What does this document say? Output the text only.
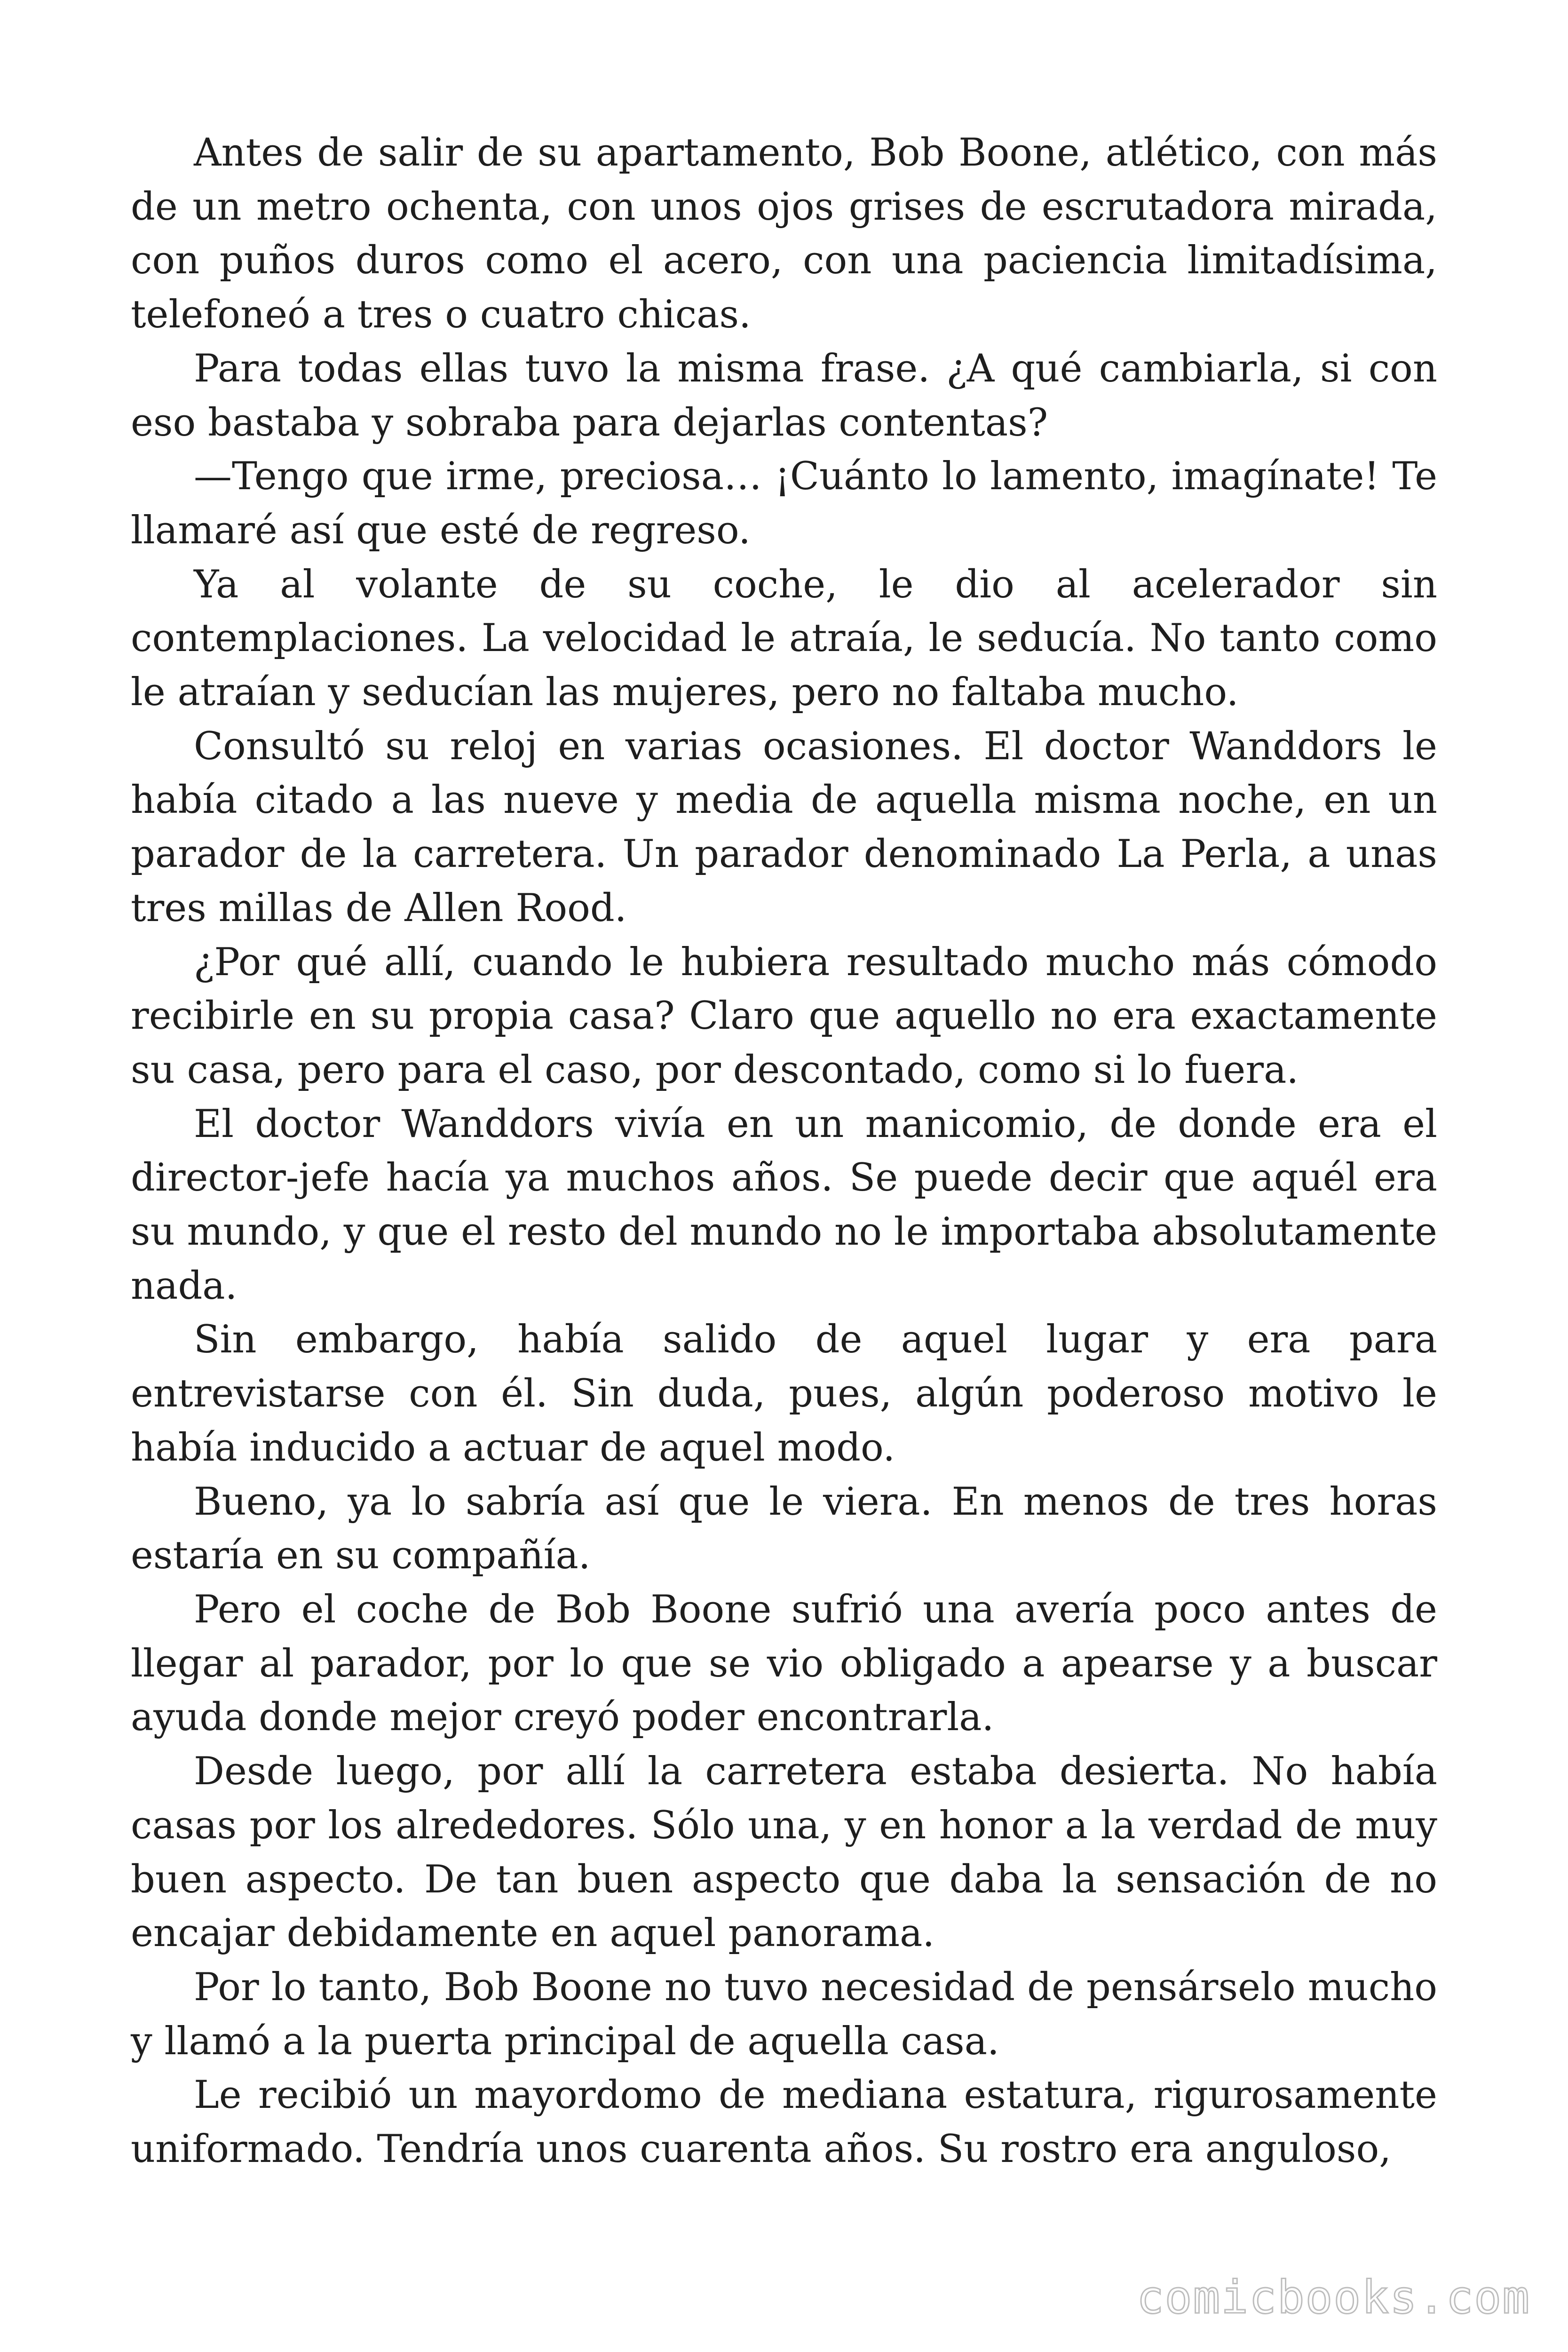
Antes de salir de su apartamento, Bob Boone, atlético, con más de un metro ochenta, con unos ojos grises de escrutadora mirada, con puños duros como el acero, con una paciencia limitadísima, telefoneó a tres o cuatro chicas.

Para todas ellas tuvo la misma frase. ¿A qué cambiarla, si con eso bastaba y sobraba para dejarlas contentas?

—Tengo que irme, preciosa… ¡Cuánto lo lamento, imagínate! Te llamaré así que esté de regreso.

Ya al volante de su coche, le dio al acelerador sin contemplaciones. La velocidad le atraía, le seducía. No tanto como le atraían y seducían las mujeres, pero no faltaba mucho.

Consultó su reloj en varias ocasiones. El doctor Wanddors le había citado a las nueve y media de aquella misma noche, en un parador de la carretera. Un parador denominado La Perla, a unas tres millas de Allen Rood.

¿Por qué allí, cuando le hubiera resultado mucho más cómodo recibirle en su propia casa? Claro que aquello no era exactamente su casa, pero para el caso, por descontado, como si lo fuera.

El doctor Wanddors vivía en un manicomio, de donde era el director-jefe hacía ya muchos años. Se puede decir que aquél era su mundo, y que el resto del mundo no le importaba absolutamente nada.

Sin embargo, había salido de aquel lugar y era para entrevistarse con él. Sin duda, pues, algún poderoso motivo le había inducido a actuar de aquel modo.

Bueno, ya lo sabría así que le viera. En menos de tres horas estaría en su compañía.

Pero el coche de Bob Boone sufrió una avería poco antes de llegar al parador, por lo que se vio obligado a apearse y a buscar ayuda donde mejor creyó poder encontrarla.

Desde luego, por allí la carretera estaba desierta. No había casas por los alrededores. Sólo una, y en honor a la verdad de muy buen aspecto. De tan buen aspecto que daba la sensación de no encajar debidamente en aquel panorama.

Por lo tanto, Bob Boone no tuvo necesidad de pensárselo mucho y llamó a la puerta principal de aquella casa.

Le recibió un mayordomo de mediana estatura, rigurosamente uniformado. Tendría unos cuarenta años. Su rostro era anguloso,

comicbooks.com
